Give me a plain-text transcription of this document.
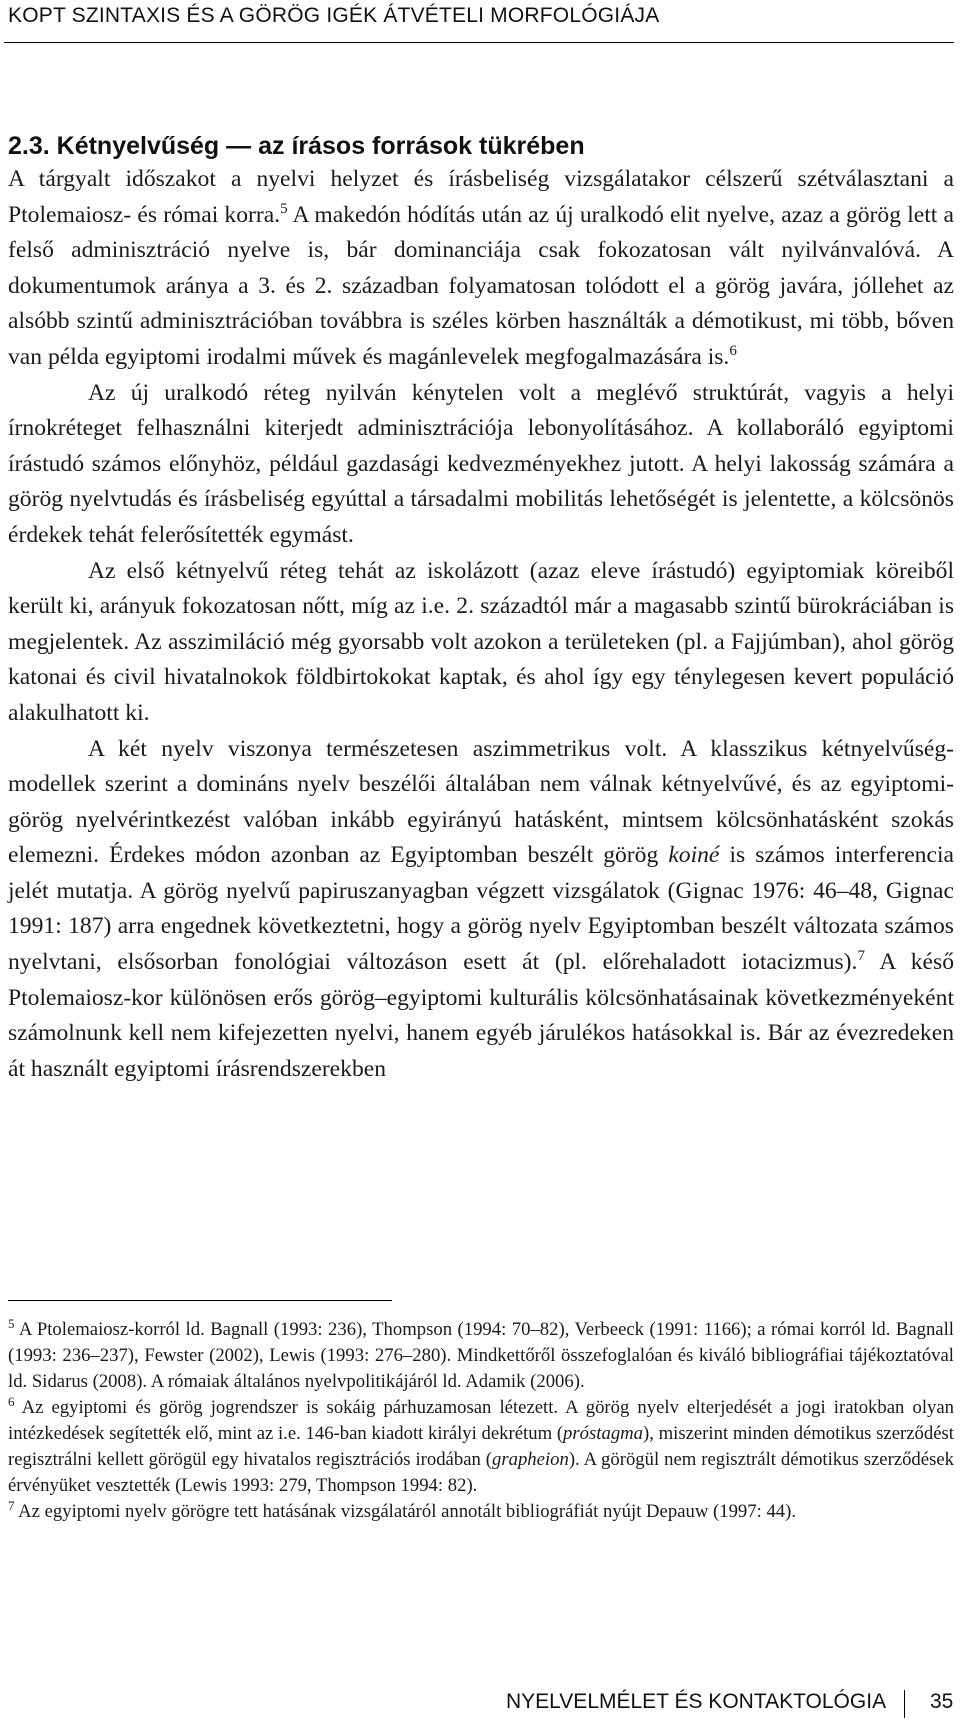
KOPT SZINTAXIS ÉS A GÖRÖG IGÉK ÁTVÉTELI MORFOLÓGIÁJA
2.3. Kétnyelvűség — az írásos források tükrében

A tárgyalt időszakot a nyelvi helyzet és írásbeliség vizsgálatakor célszerű szétválasztani a Ptolemaiosz- és római korra.$^5$ A makedón hódítás után az új uralkodó elit nyelve, azaz a görög lett a felső adminisztráció nyelve is, bár dominanciája csak fokozatosan vált nyilvánvalóvá. A dokumentumok aránya a 3. és 2. században folyamatosan tolódott el a görög javára, jóllehet az alsóbb szintű adminisztrációban továbbra is széles körben használták a démotikust, mi több, bőven van példa egyiptomi irodalmi művek és magánlevelek megfogalmazására is.$^6$

Az új uralkodó réteg nyilván kénytelen volt a meglévő struktúrát, vagyis a helyi írnokréteget felhasználni kiterjedt adminisztrációja lebonyolításához. A kollaboráló egyiptomi írástudó számos előnyhöz, például gazdasági kedvezményekhez jutott. A helyi lakosság számára a görög nyelvtudás és írásbeliség egyúttal a társadalmi mobilitás lehetőségét is jelentette, a kölcsönös érdekek tehát felerősítették egymást.

Az első kétnyelvű réteg tehát az iskolázott (azaz eleve írástudó) egyiptomiak köreiből került ki, arányuk fokozatosan nőtt, míg az i.e. 2. századtól már a magasabb szintű bürokráciában is megjelentek. Az asszimiláció még gyorsabb volt azokon a területeken (pl. a Fajjúmban), ahol görög katonai és civil hivatalnokok földbirtokokat kaptak, és ahol így egy ténylegesen kevert populáció alakulhatott ki.

A két nyelv viszonya természetesen aszimmetrikus volt. A klasszikus kétnyelvűség-modellek szerint a domináns nyelv beszélői általában nem válnak kétnyelvűvé, és az egyiptomi-görög nyelvérintkezést valóban inkább egyirányú hatásként, mintsem kölcsönhatásként szokás elemezni. Érdekes módon azonban az Egyiptomban beszélt görög koiné is számos interferencia jelét mutatja. A görög nyelvű papiruszanyagban végzett vizsgálatok (Gignac 1976: 46–48, Gignac 1991: 187) arra engednek következtetni, hogy a görög nyelv Egyiptomban beszélt változata számos nyelvtani, elsősorban fonológiai változáson esett át (pl. előrehaladott iotacizmus).$^7$ A késő Ptolemaiosz-kor különösen erős görög–egyiptomi kulturális kölcsönhatásainak következményeként számolnunk kell nem kifejezetten nyelvi, hanem egyéb járulékos hatásokkal is. Bár az évezredeken át használt egyiptomi írásrendszerekben

$^5$ A Ptolemaiosz-korról ld. Bagnall (1993: 236), Thompson (1994: 70–82), Verbeeck (1991: 1166); a római korról ld. Bagnall (1993: 236–237), Fewster (2002), Lewis (1993: 276–280). Mindkettőről összefoglalóan és kiváló bibliográfiai tájékoztatóval ld. Sidarus (2008). A rómaiak általános nyelvpolitikájáról ld. Adamik (2006).

$^6$ Az egyiptomi és görög jogrendszer is sokáig párhuzamosan létezett. A görög nyelv elterjedését a jogi iratokban olyan intézkedések segítették elő, mint az i.e. 146-ban kiadott királyi dekrétum (próstagma), miszerint minden démotikus szerződést regisztrálni kellett görögül egy hivatalos regisztrációs irodában (grapheion). A görögül nem regisztrált démotikus szerződések érvényüket vesztették (Lewis 1993: 279, Thompson 1994: 82).

$^7$ Az egyiptomi nyelv görögre tett hatásának vizsgálatáról annotált bibliográfiát nyújt Depauw (1997: 44).

NYELVELMÉLET ÉS KONTAKTOLÓGIA 35
